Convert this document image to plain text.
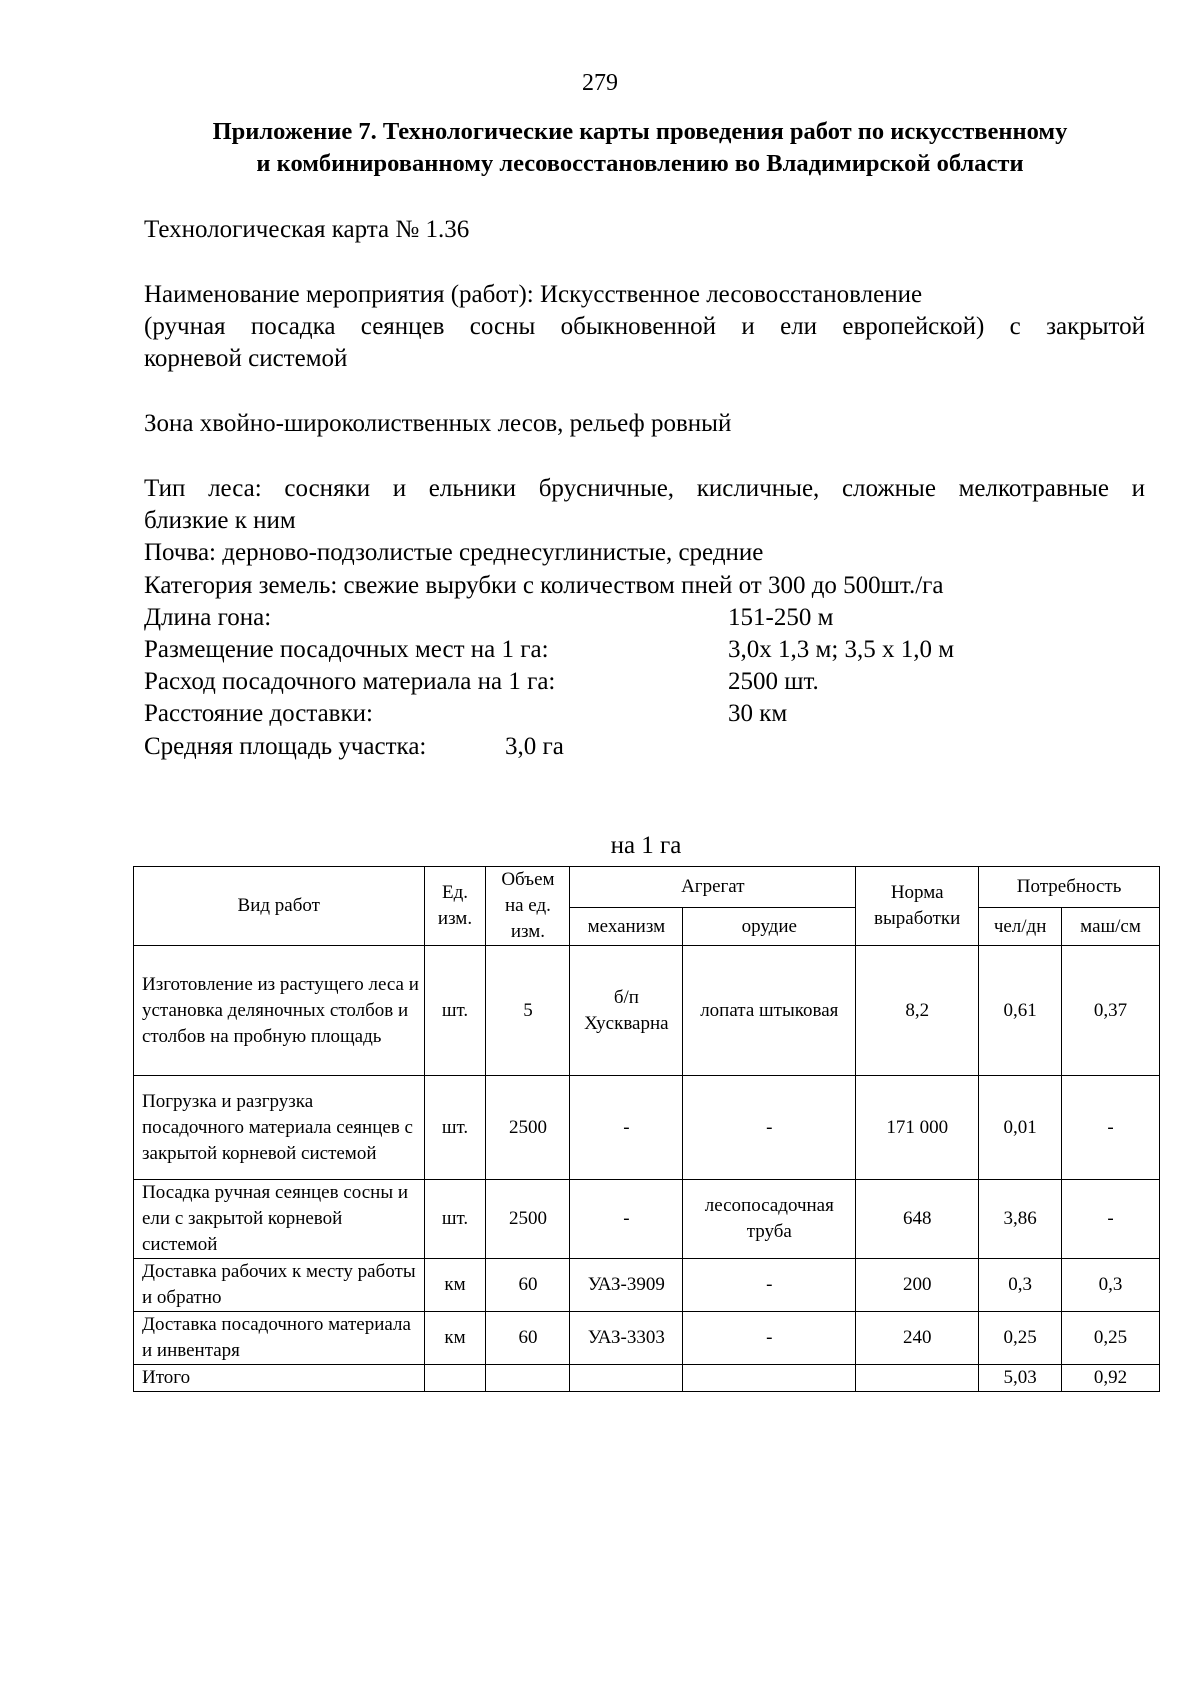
279
Приложение 7. Технологические карты проведения работ по искусственному
и комбинированному лесовосстановлению во Владимирской области
Технологическая карта № 1.36
Наименование мероприятия (работ): Искусственное лесовосстановление
(ручная посадка сеянцев сосны обыкновенной и ели европейской) с закрытой
корневой системой
Зона хвойно-широколиственных лесов, рельеф ровный
Тип леса: сосняки и ельники брусничные, кисличные, сложные мелкотравные и
близкие к ним
Почва: дерново-подзолистые среднесуглинистые, средние
Категория земель: свежие вырубки с количеством пней от 300 до 500шт./га
Длина гона:	151-250 м
Размещение посадочных мест на 1 га:	3,0х 1,3 м; 3,5 х 1,0 м
Расход посадочного материала на 1 га:	2500 шт.
Расстояние доставки:	30 км
Средняя площадь участка:	3,0 га
на 1 га
Вид работ	Ед. изм.	Объем на ед. изм.	Агрегат		Норма выработки	Потребность	
			механизм	орудие		чел/дн	маш/см
Изготовление из растущего леса и установка деляночных столбов и столбов на пробную площадь	шт.	5	б/п Хускварна	лопата штыковая	8,2	0,61	0,37
Погрузка и разгрузка посадочного материала сеянцев с закрытой корневой системой	шт.	2500	-	-	171 000	0,01	-
Посадка ручная сеянцев сосны и ели с закрытой корневой системой	шт.	2500	-	лесопосадочная труба	648	3,86	-
Доставка рабочих к месту работы и обратно	км	60	УАЗ-3909	-	200	0,3	0,3
Доставка посадочного материала и инвентаря	км	60	УАЗ-3303	-	240	0,25	0,25
Итого						5,03	0,92
